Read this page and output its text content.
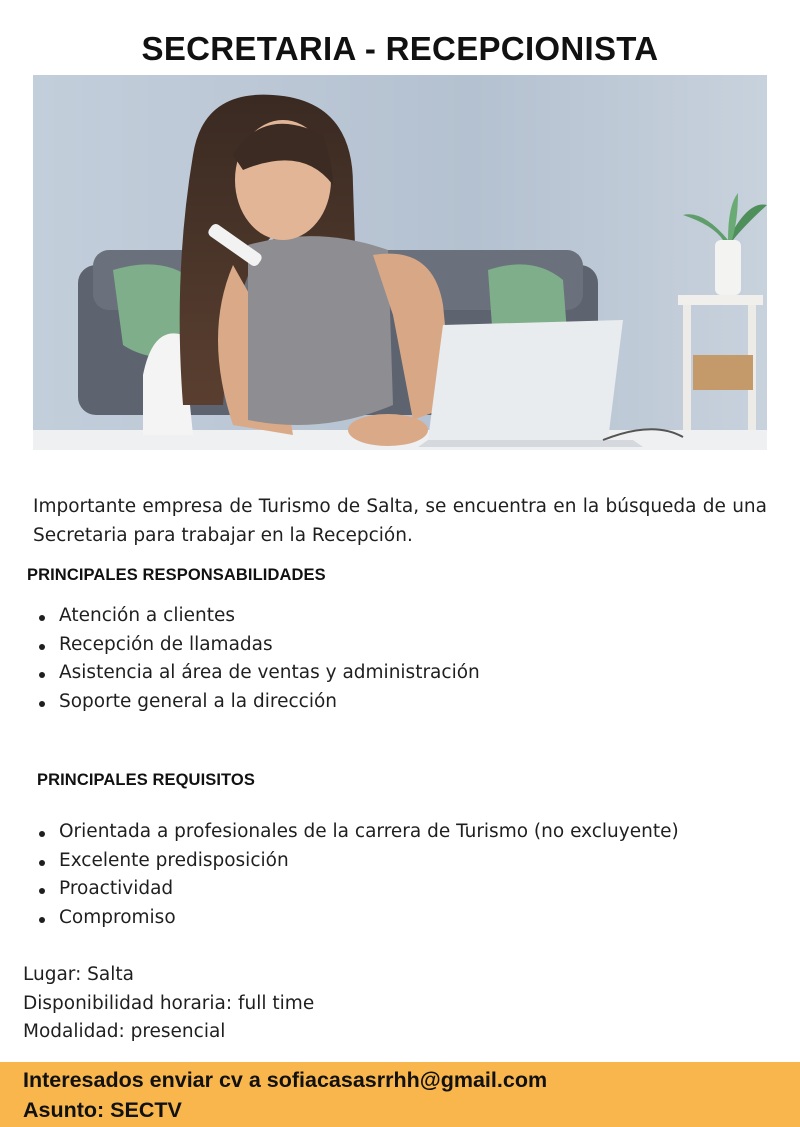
SECRETARIA - RECEPCIONISTA
Importante empresa de Turismo de Salta, se encuentra en la búsqueda de una Secretaria para trabajar en la Recepción.
PRINCIPALES RESPONSABILIDADES
Atención a clientes
Recepción de llamadas
Asistencia al área de ventas y administración
Soporte general a la dirección
PRINCIPALES REQUISITOS
Orientada a profesionales de la carrera de Turismo (no excluyente)
Excelente predisposición
Proactividad
Compromiso
Lugar: Salta
Disponibilidad horaria: full time
Modalidad: presencial
Interesados enviar cv a sofiacasasrrhh@gmail.com
Asunto: SECTV
